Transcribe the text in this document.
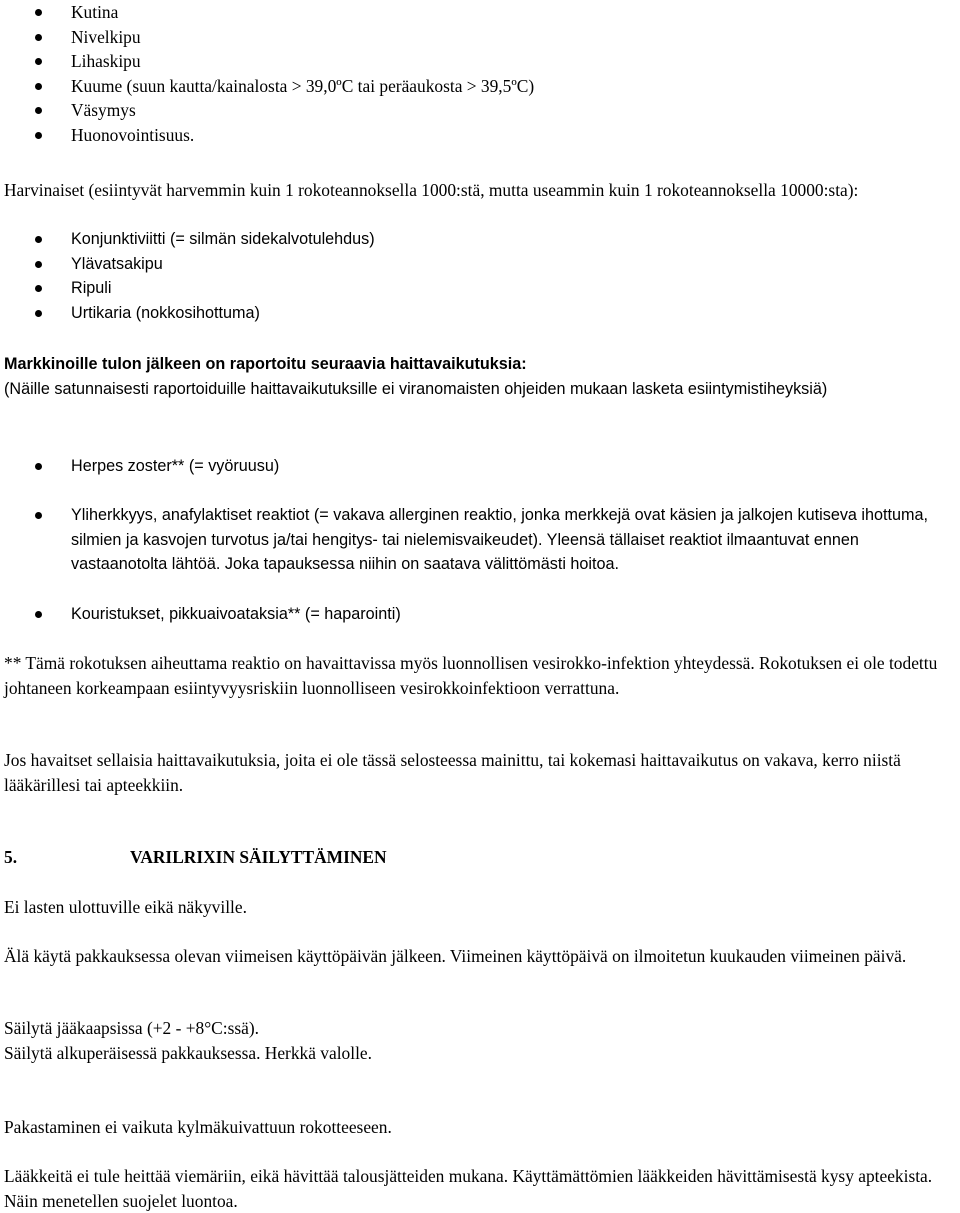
Kutina
Nivelkipu
Lihaskipu
Kuume (suun kautta/kainalosta > 39,0ºC tai peräaukosta > 39,5ºC)
Väsymys
Huonovointisuus.

Harvinaiset (esiintyvät harvemmin kuin 1 rokoteannoksella 1000:stä, mutta useammin kuin 1 rokoteannoksella 10000:sta):

Konjunktiviitti (= silmän sidekalvotulehdus)
Ylävatsakipu
Ripuli
Urtikaria (nokkosihottuma)

Markkinoille tulon jälkeen on raportoitu seuraavia haittavaikutuksia:

(Näille satunnaisesti raportoiduille haittavaikutuksille ei viranomaisten ohjeiden mukaan lasketa esiintymistiheyksiä)

Herpes zoster** (= vyöruusu)
Yliherkkyys, anafylaktiset reaktiot (= vakava allerginen reaktio, jonka merkkejä ovat käsien ja jalkojen kutiseva ihottuma, silmien ja kasvojen turvotus ja/tai hengitys- tai nielemisvaikeudet). Yleensä tällaiset reaktiot ilmaantuvat ennen vastaanotolta lähtöä. Joka tapauksessa niihin on saatava välittömästi hoitoa.
Kouristukset, pikkuaivoataksia** (= haparointi)

** Tämä rokotuksen aiheuttama reaktio on havaittavissa myös luonnollisen vesirokko-infektion yhteydessä. Rokotuksen ei ole todettu johtaneen korkeampaan esiintyvyysriskiin luonnolliseen vesirokkoinfektioon verrattuna.

Jos havaitset sellaisia haittavaikutuksia, joita ei ole tässä selosteessa mainittu, tai kokemasi haittavaikutus on vakava, kerro niistä lääkärillesi tai apteekkiin.

5.	VARILRIXIN SÄILYTTÄMINEN

Ei lasten ulottuville eikä näkyville.

Älä käytä pakkauksessa olevan viimeisen käyttöpäivän jälkeen. Viimeinen käyttöpäivä on ilmoitetun kuukauden viimeinen päivä.

Säilytä jääkaapsissa (+2 - +8°C:ssä).

Säilytä alkuperäisessä pakkauksessa. Herkkä valolle.

Pakastaminen ei vaikuta kylmäkuivattuun rokotteeseen.

Lääkkeitä ei tule heittää viemäriin, eikä hävittää talousjätteiden mukana. Käyttämättömien lääkkeiden hävittämisestä kysy apteekista. Näin menetellen suojelet luontoa.
